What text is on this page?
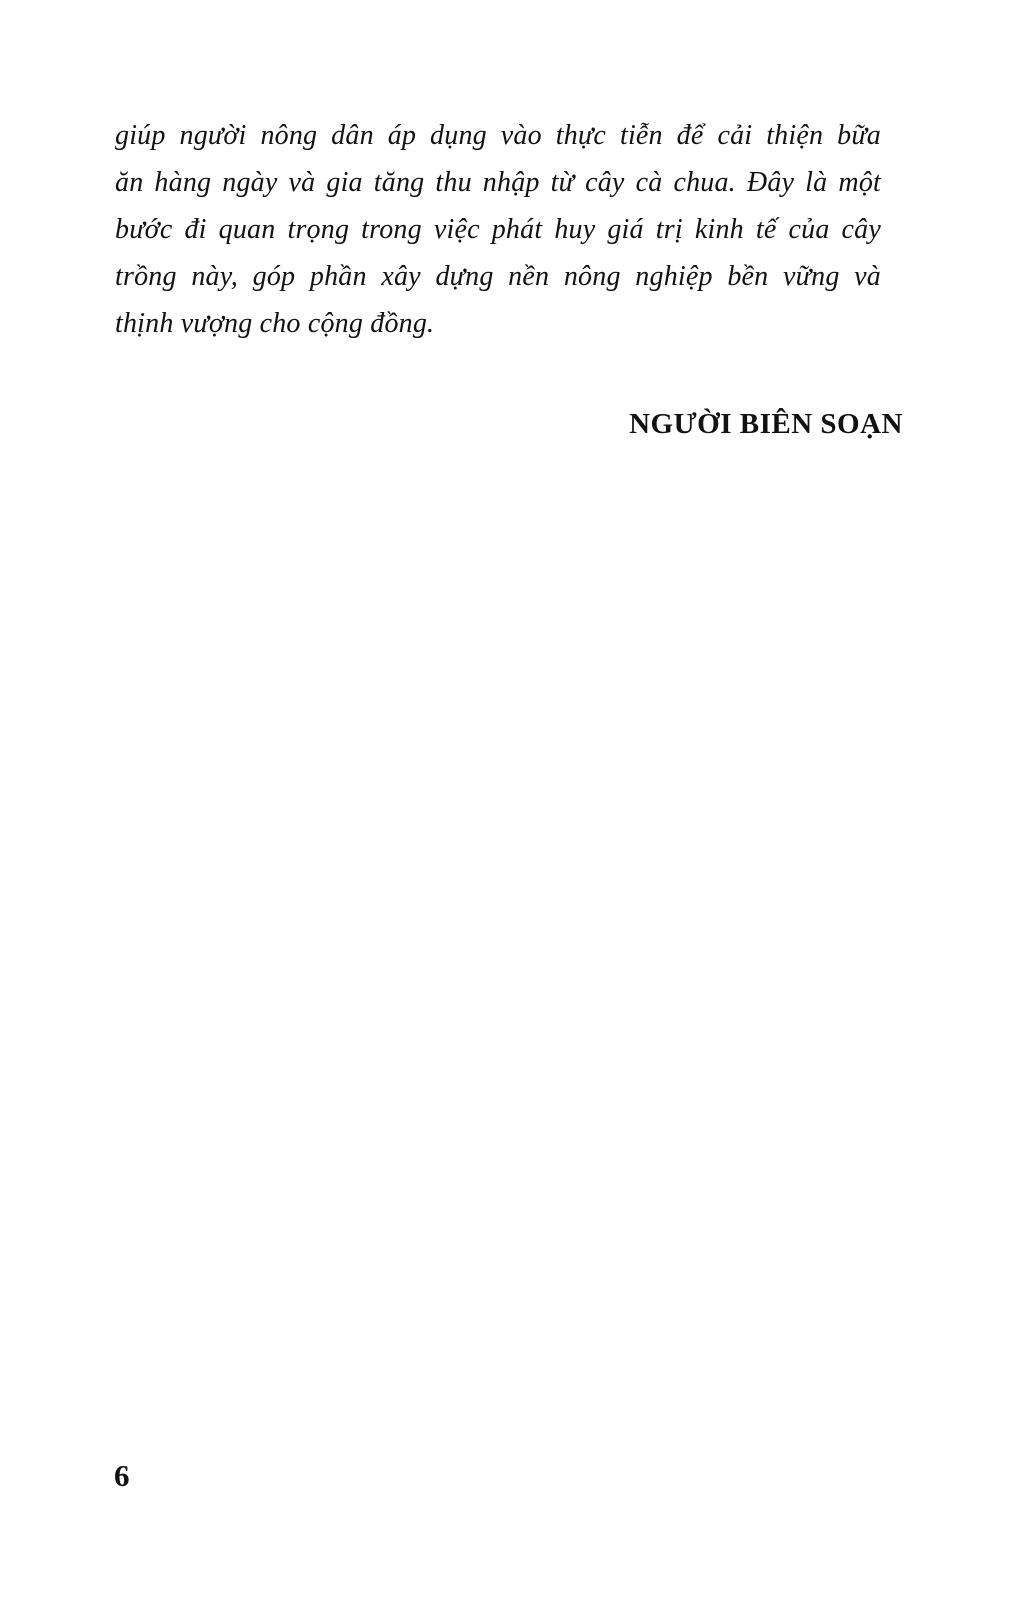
giúp người nông dân áp dụng vào thực tiễn để cải thiện bữa
ăn hàng ngày và gia tăng thu nhập từ cây cà chua. Đây là một
bước đi quan trọng trong việc phát huy giá trị kinh tế của cây
trồng này, góp phần xây dựng nền nông nghiệp bền vững và
thịnh vượng cho cộng đồng.
NGƯỜI BIÊN SOẠN
6
